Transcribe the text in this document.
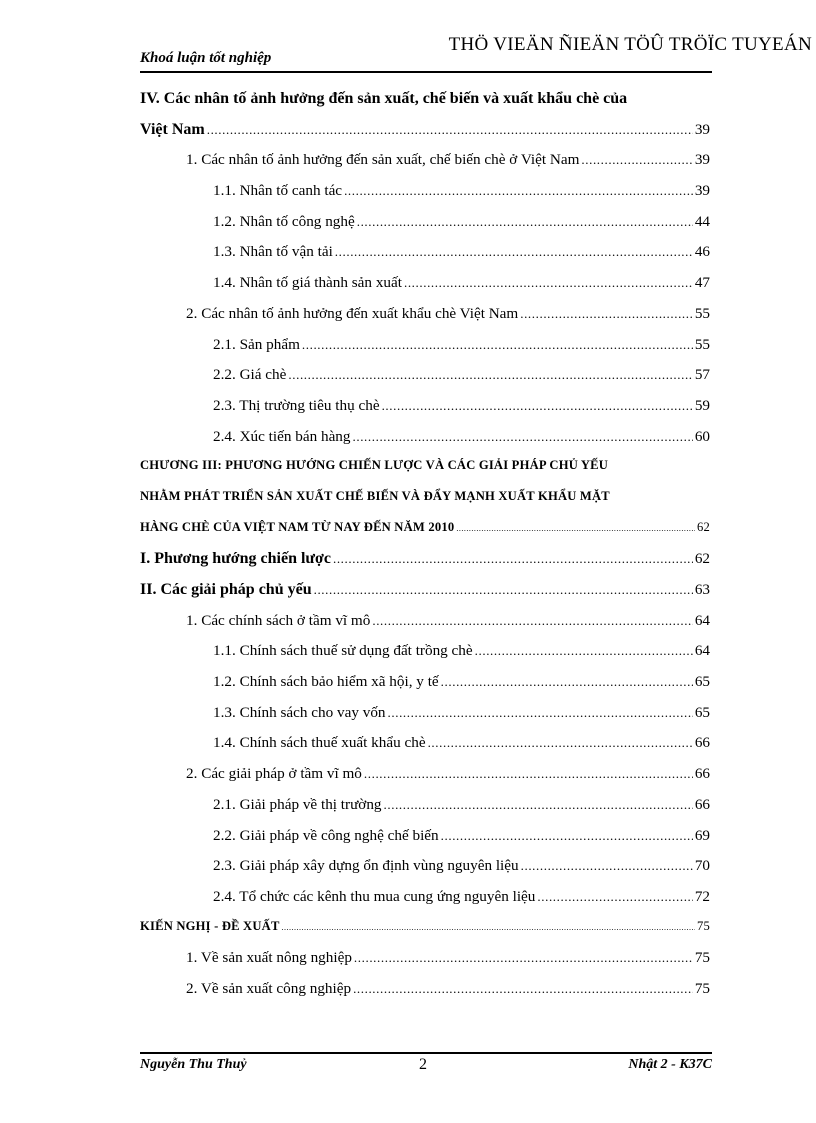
Khoá luận tốt nghiệp
THÖ VIEÄN ÑIEÄN TÖÛ TRÖÏC TUYEÁN
IV. Các nhân tố ảnh hưởng đến sản xuất, chế biến và xuất khẩu chè của
Việt Nam .....	39
1. Các nhân tố ảnh hưởng đến sản xuất, chế biến chè ở Việt Nam .....	39
1.1. Nhân tố canh tác .....	39
1.2. Nhân tố công nghệ .....	44
1.3. Nhân tố vận tải .....	46
1.4. Nhân tố giá thành sản xuất .....	47
2. Các nhân tố ảnh hưởng đến xuất khẩu chè Việt Nam .....	55
2.1. Sản phẩm .....	55
2.2. Giá chè .....	57
2.3. Thị trường tiêu thụ chè .....	59
2.4. Xúc tiến bán hàng .....	60
CHƯƠNG III: PHƯƠNG HƯỚNG CHIẾN LƯỢC VÀ CÁC GIẢI PHÁP CHỦ YẾU
NHẰM PHÁT TRIỂN SẢN XUẤT CHẾ BIẾN VÀ ĐẨY MẠNH XUẤT KHẨU MẶT
HÀNG CHÈ CỦA VIỆT NAM TỪ NAY ĐẾN NĂM 2010 .....	62
I. Phương hướng chiến lược .....	62
II. Các giải pháp chủ yếu .....	63
1. Các chính sách ở tầm vĩ mô .....	64
1.1. Chính sách thuế sử dụng đất trồng chè .....	64
1.2. Chính sách bảo hiểm xã hội, y tế .....	65
1.3. Chính sách cho vay vốn .....	65
1.4. Chính sách thuế xuất khẩu chè .....	66
2. Các giải pháp ở tầm vĩ mô .....	66
2.1. Giải pháp về thị trường .....	66
2.2. Giải pháp về công nghệ chế biến .....	69
2.3. Giải pháp xây dựng ổn định vùng nguyên liệu .....	70
2.4. Tổ chức các kênh thu mua cung ứng nguyên liệu .....	72
KIẾN NGHỊ - ĐỀ XUẤT .....	75
1. Về sản xuất nông nghiệp .....	75
2. Về sản xuất công nghiệp .....	75
Nguyễn Thu Thuỷ	2	Nhật 2 - K37C
